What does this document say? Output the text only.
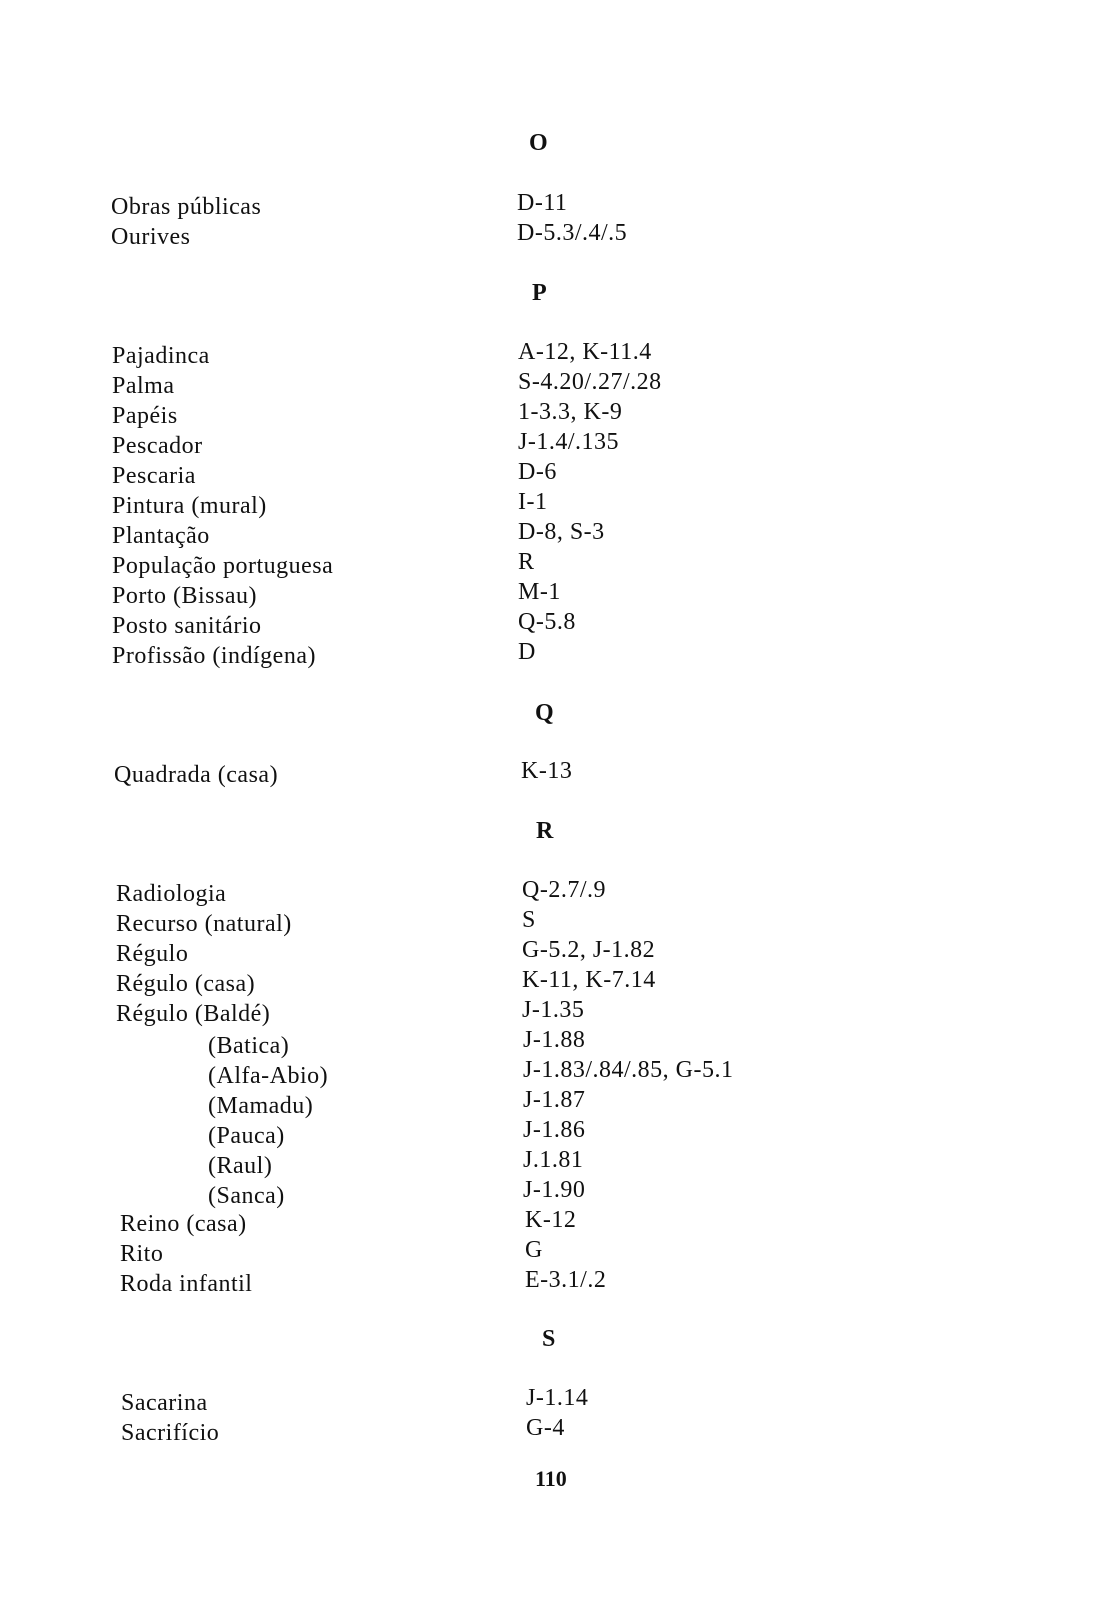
O
Obras públicas	D-11
Ourives	D-5.3/.4/.5
P
Pajadinca	A-12, K-11.4
Palma	S-4.20/.27/.28
Papéis	1-3.3, K-9
Pescador	J-1.4/.135
Pescaria	D-6
Pintura (mural)	I-1
Plantação	D-8, S-3
População portuguesa	R
Porto (Bissau)	M-1
Posto sanitário	Q-5.8
Profissão (indígena)	D
Q
Quadrada (casa)	K-13
R
Radiologia	Q-2.7/.9
Recurso (natural)	S
Régulo	G-5.2, J-1.82
Régulo (casa)	K-11, K-7.14
Régulo (Baldé)	J-1.35
(Batica)	J-1.88
(Alfa-Abio)	J-1.83/.84/.85, G-5.1
(Mamadu)	J-1.87
(Pauca)	J-1.86
(Raul)	J.1.81
(Sanca)	J-1.90
Reino (casa)	K-12
Rito	G
Roda infantil	E-3.1/.2
S
Sacarina	J-1.14
Sacrifício	G-4
110
